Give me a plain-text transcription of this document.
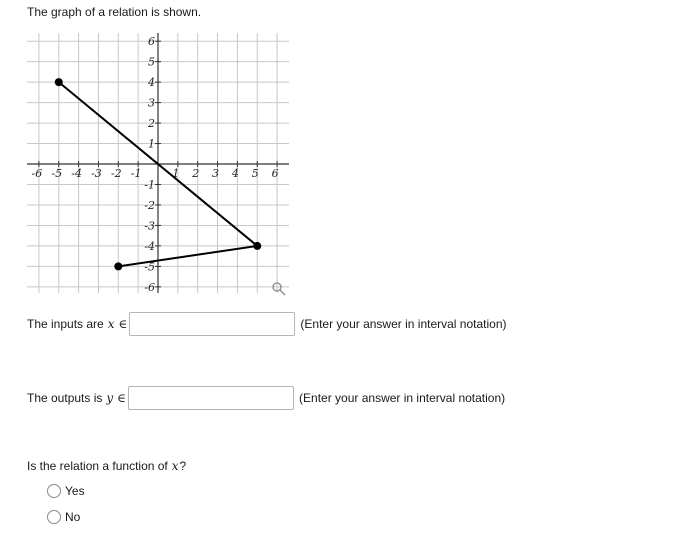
The graph of a relation is shown.
-6 -5 -4 -3 -2 -1	1 2 3 4 5 6
6
5
4
3
2
1
-1
-2
-3
-4
-5
-6
The inputs are x ∈	(Enter your answer in interval notation)
The outputs is y ∈	(Enter your answer in interval notation)
Is the relation a function of x ?
Yes
No
